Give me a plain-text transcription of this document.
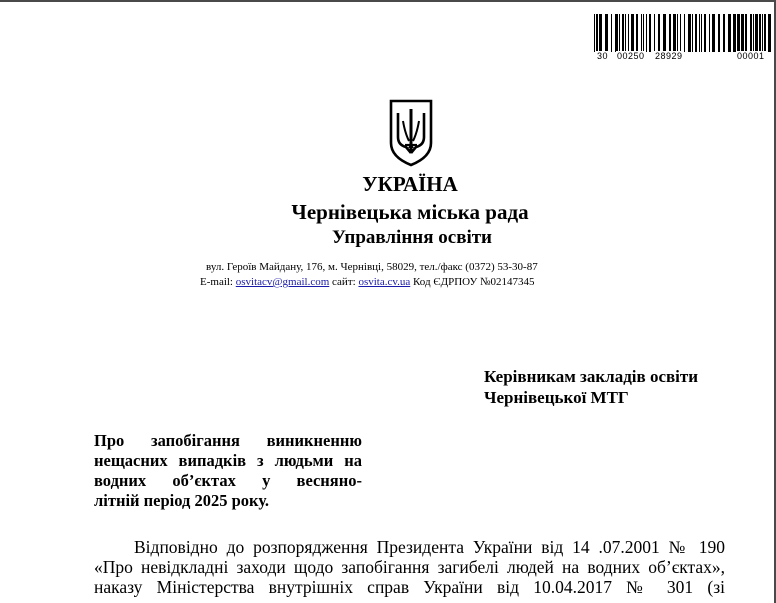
30 00250 28929	00001
УКРАЇНА
Чернівецька міська рада
Управління освіти
вул. Героїв Майдану, 176, м. Чернівці, 58029, тел./факс (0372) 53-30-87
E-mail: osvitacv@gmail.com сайт: osvita.cv.ua Код ЄДРПОУ №02147345
Керівникам закладів освіти
Чернівецької МТГ
Про запобігання виникненню
нещасних випадків з людьми на
водних об’єктах у весняно-
літній період 2025 року.
Відповідно до розпорядження Президента України від 14 .07.2001 № 190
«Про невідкладні заходи щодо запобігання загибелі людей на водних об’єктах»,
наказу Міністерства внутрішніх справ України від 10.04.2017 № 301 (зі
